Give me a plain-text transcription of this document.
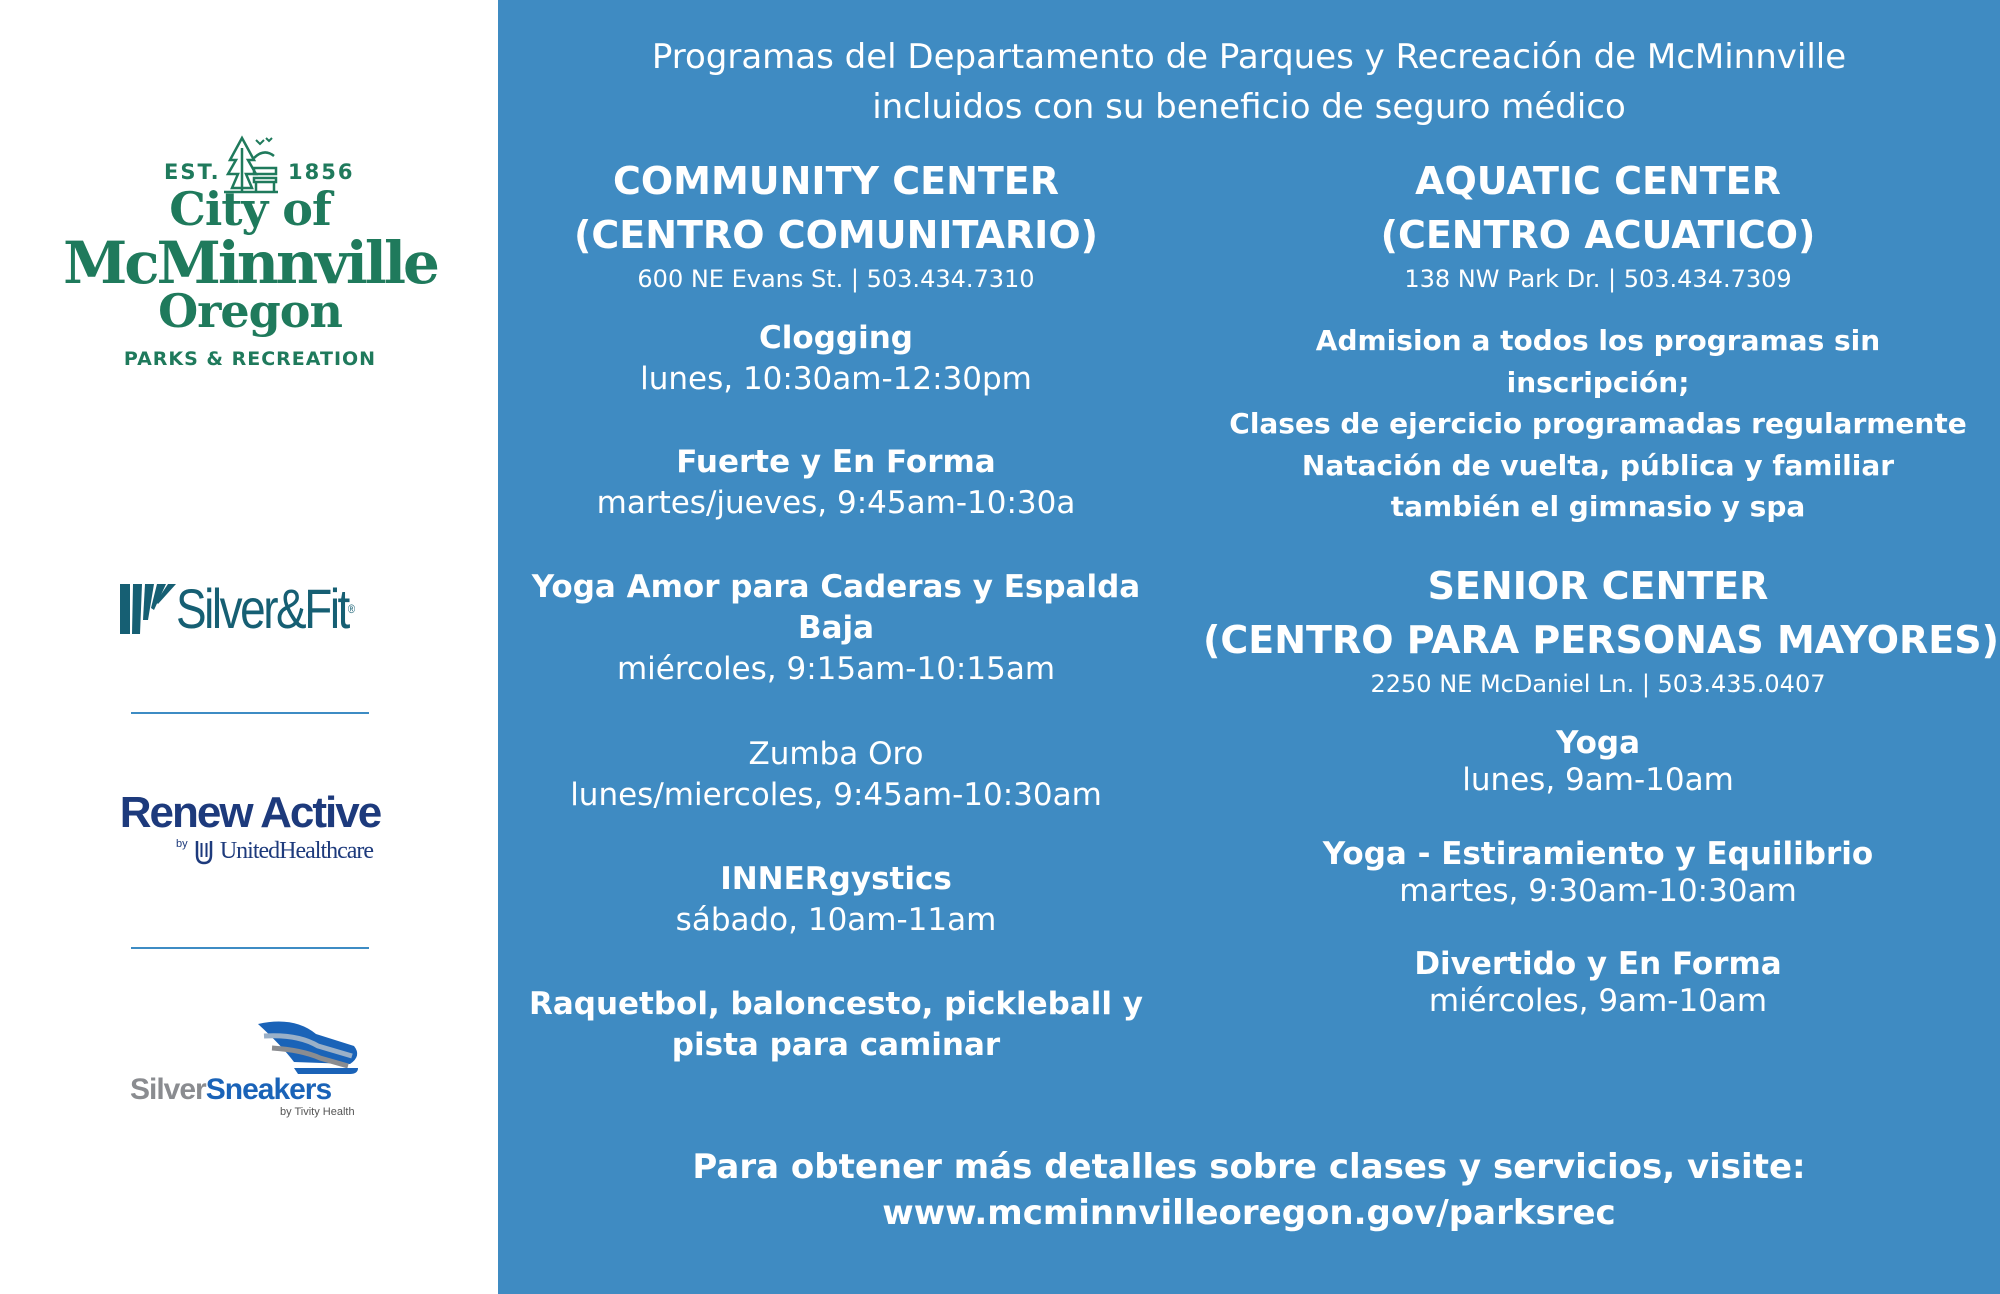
EST.	1856
City of
McMinnville
Oregon
PARKS & RECREATION
Silver&Fit®
Renew Active
$^{by}$ UnitedHealthcare
SilverSneakers
by Tivity Health
Programas del Departamento de Parques y Recreación de McMinnville
incluidos con su beneficio de seguro médico
COMMUNITY CENTER
(CENTRO COMUNITARIO)
600 NE Evans St. | 503.434.7310
Clogging
lunes, 10:30am-12:30pm
Fuerte y En Forma
martes/jueves, 9:45am-10:30a
Yoga Amor para Caderas y Espalda
Baja
miércoles, 9:15am-10:15am
Zumba Oro
lunes/miercoles, 9:45am-10:30am
INNERgystics
sábado, 10am-11am
Raquetbol, baloncesto, pickleball y
pista para caminar
AQUATIC CENTER
(CENTRO ACUATICO)
138 NW Park Dr. | 503.434.7309
Admision a todos los programas sin
inscripción;
Clases de ejercicio programadas regularmente
Natación de vuelta, pública y familiar
también el gimnasio y spa
SENIOR CENTER
(CENTRO PARA PERSONAS MAYORES)
2250 NE McDaniel Ln. | 503.435.0407
Yoga
lunes, 9am-10am
Yoga - Estiramiento y Equilibrio
martes, 9:30am-10:30am
Divertido y En Forma
miércoles, 9am-10am
Para obtener más detalles sobre clases y servicios, visite:
www.mcminnvilleoregon.gov/parksrec
